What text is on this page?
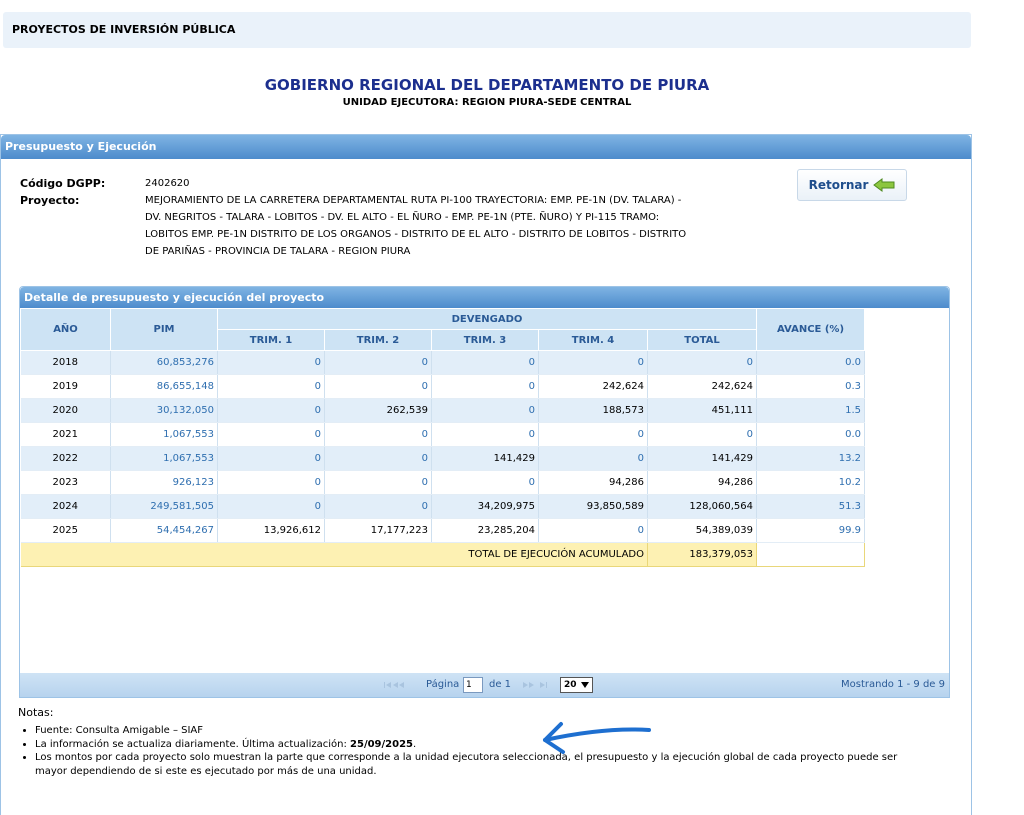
PROYECTOS DE INVERSIÓN PÚBLICA
GOBIERNO REGIONAL DEL DEPARTAMENTO DE PIURA
UNIDAD EJECUTORA: REGION PIURA-SEDE CENTRAL
Presupuesto y Ejecución
Código DGPP:	2402620
Proyecto:	MEJORAMIENTO DE LA CARRETERA DEPARTAMENTAL RUTA PI-100 TRAYECTORIA: EMP. PE-1N (DV. TALARA) - DV. NEGRITOS - TALARA - LOBITOS - DV. EL ALTO - EL ÑURO - EMP. PE-1N (PTE. ÑURO) Y PI-115 TRAMO: LOBITOS EMP. PE-1N DISTRITO DE LOS ORGANOS - DISTRITO DE EL ALTO - DISTRITO DE LOBITOS - DISTRITO DE PARIÑAS - PROVINCIA DE TALARA - REGION PIURA
Retornar
Detalle de presupuesto y ejecución del proyecto
AÑO	PIM	DEVENGADO					AVANCE (%)	
		TRIM. 1	TRIM. 2	TRIM. 3	TRIM. 4	TOTAL		
2018	60,853,276	0	0	0	0	0	0.0	
2019	86,655,148	0	0	0	242,624	242,624	0.3	
2020	30,132,050	0	262,539	0	188,573	451,111	1.5	
2021	1,067,553	0	0	0	0	0	0.0	
2022	1,067,553	0	0	141,429	0	141,429	13.2	
2023	926,123	0	0	0	94,286	94,286	10.2	
2024	249,581,505	0	0	34,209,975	93,850,589	128,060,564	51.3	
2025	54,454,267	13,926,612	17,177,223	23,285,204	0	54,389,039	99.9	
TOTAL DE EJECUCIÓN ACUMULADO						183,379,053		
Página 1	de 1	20	Mostrando 1 - 9 de 9
Notas:
• Fuente: Consulta Amigable – SIAF
• La información se actualiza diariamente. Última actualización: 25/09/2025.
• Los montos por cada proyecto solo muestran la parte que corresponde a la unidad ejecutora seleccionada, el presupuesto y la ejecución global de cada proyecto puede ser mayor dependiendo de si este es ejecutado por más de una unidad.
